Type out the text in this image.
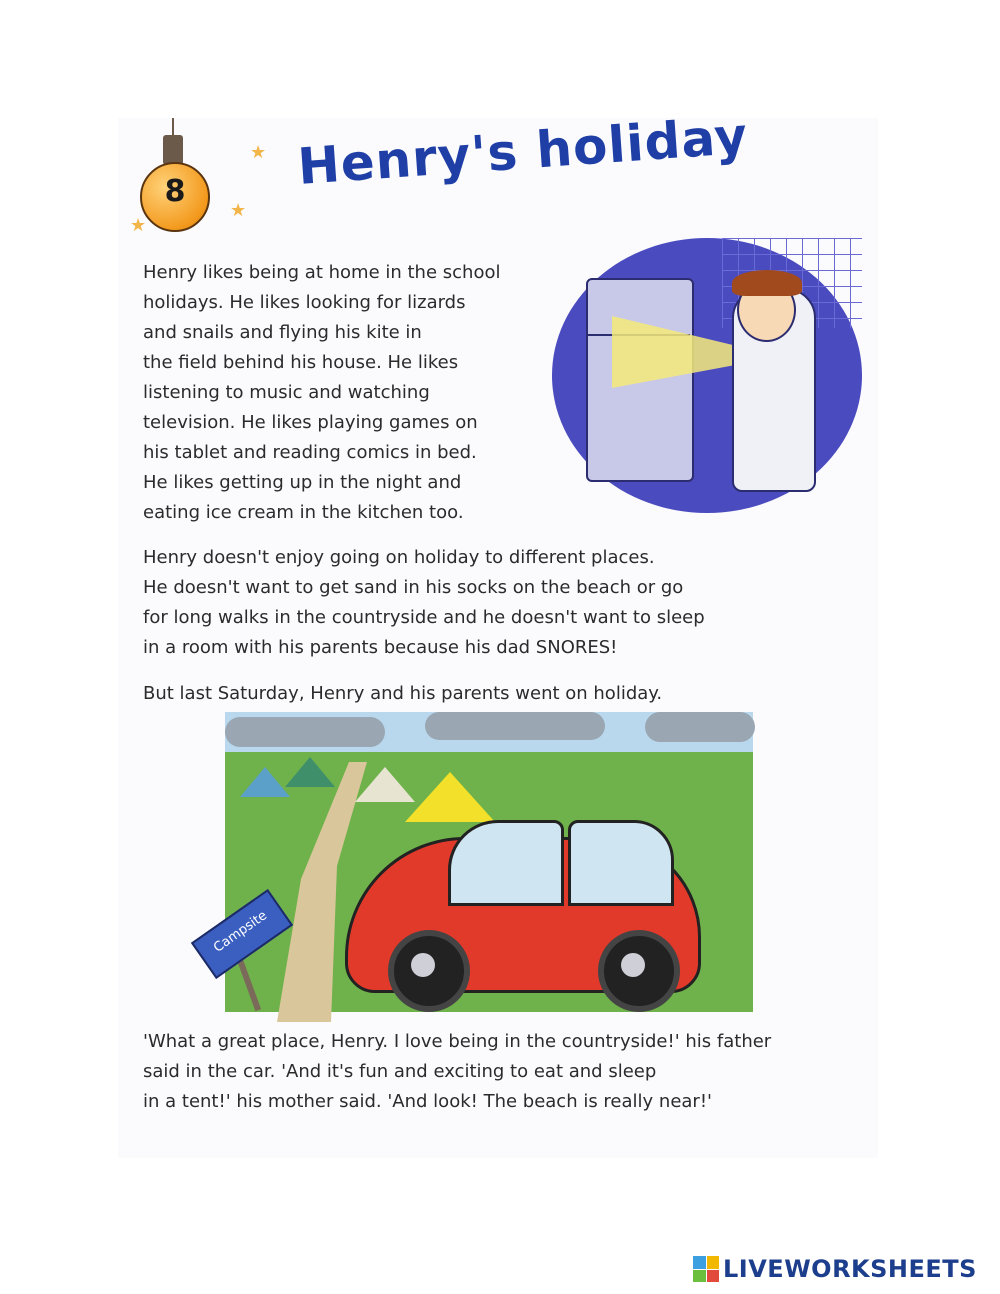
8
★
★
★
Henry's holiday
Henry likes being at home in the school
holidays. He likes looking for lizards
and snails and flying his kite in
the field behind his house. He likes
listening to music and watching
television. He likes playing games on
his tablet and reading comics in bed.
He likes getting up in the night and
eating ice cream in the kitchen too.
Henry doesn't enjoy going on holiday to different places.
He doesn't want to get sand in his socks on the beach or go
for long walks in the countryside and he doesn't want to sleep
in a room with his parents because his dad SNORES!
But last Saturday, Henry and his parents went on holiday.
Campsite
'What a great place, Henry. I love being in the countryside!' his father
said in the car. 'And it's fun and exciting to eat and sleep
in a tent!' his mother said. 'And look! The beach is really near!'
LIVEWORKSHEETS
